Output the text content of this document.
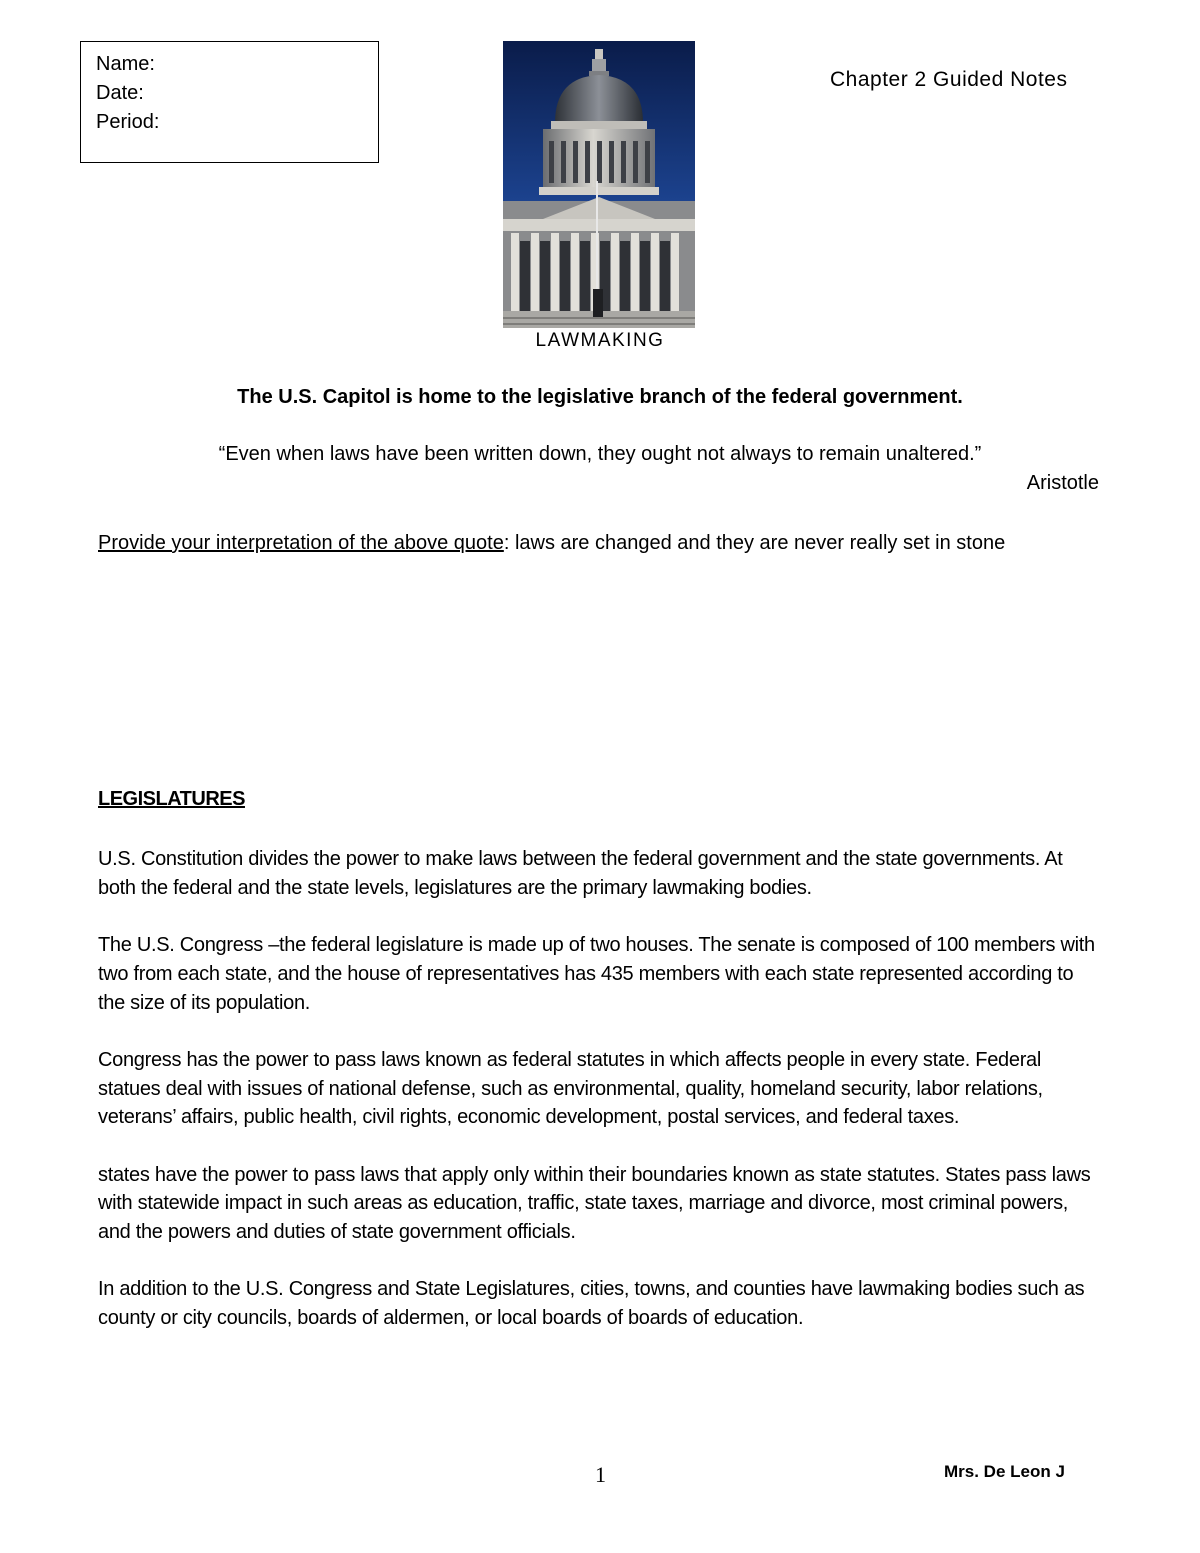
Name:
Date:
Period:
Chapter 2 Guided Notes
LAWMAKING
The U.S. Capitol is home to the legislative branch of the federal government.
“Even when laws have been written down, they ought not always to remain unaltered.”
Aristotle
Provide your interpretation of the above quote: laws are changed and they are never really set in stone
LEGISLATURES

U.S. Constitution divides the power to make laws between the federal government and the state governments. At both the federal and the state levels, legislatures are the primary lawmaking bodies.

The U.S. Congress –the federal legislature is made up of two houses. The senate is composed of 100 members with two from each state, and the house of representatives has 435 members with each state represented according to the size of its population.

Congress has the power to pass laws known as federal statutes in which affects people in every state. Federal statues deal with issues of national defense, such as environmental, quality, homeland security, labor relations, veterans’ affairs, public health, civil rights, economic development, postal services, and federal taxes.

states have the power to pass laws that apply only within their boundaries known as state statutes. States pass laws with statewide impact in such areas as education, traffic, state taxes, marriage and divorce, most criminal powers, and the powers and duties of state government officials.

In addition to the U.S. Congress and State Legislatures, cities, towns, and counties have lawmaking bodies such as county or city councils, boards of aldermen, or local boards of boards of education.

1	Mrs. De Leon J
